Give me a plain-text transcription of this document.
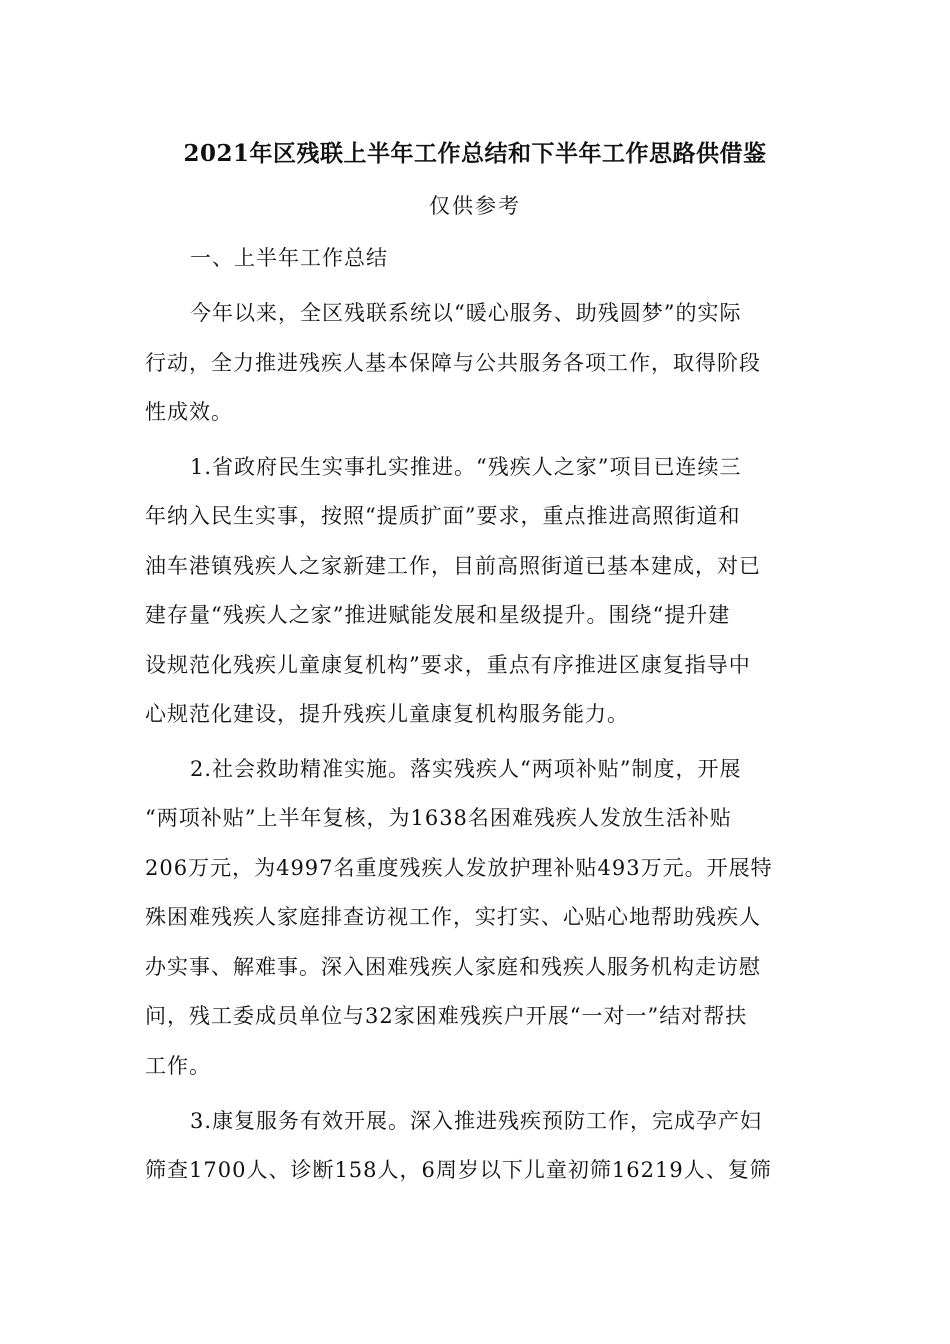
2021年区残联上半年工作总结和下半年工作思路供借鉴
仅供参考
一、上半年工作总结
今年以来，全区残联系统以“暖心服务、助残圆梦”的实际
行动，全力推进残疾人基本保障与公共服务各项工作，取得阶段
性成效。
1.省政府民生实事扎实推进。“残疾人之家”项目已连续三
年纳入民生实事，按照“提质扩面”要求，重点推进高照街道和
油车港镇残疾人之家新建工作，目前高照街道已基本建成，对已
建存量“残疾人之家”推进赋能发展和星级提升。围绕“提升建
设规范化残疾儿童康复机构”要求，重点有序推进区康复指导中
心规范化建设，提升残疾儿童康复机构服务能力。
2.社会救助精准实施。落实残疾人“两项补贴”制度，开展
“两项补贴”上半年复核，为1638名困难残疾人发放生活补贴
206万元，为4997名重度残疾人发放护理补贴493万元。开展特
殊困难残疾人家庭排查访视工作，实打实、心贴心地帮助残疾人
办实事、解难事。深入困难残疾人家庭和残疾人服务机构走访慰
问，残工委成员单位与32家困难残疾户开展“一对一”结对帮扶
工作。
3.康复服务有效开展。深入推进残疾预防工作，完成孕产妇
筛查1700人、诊断158人，6周岁以下儿童初筛16219人、复筛
